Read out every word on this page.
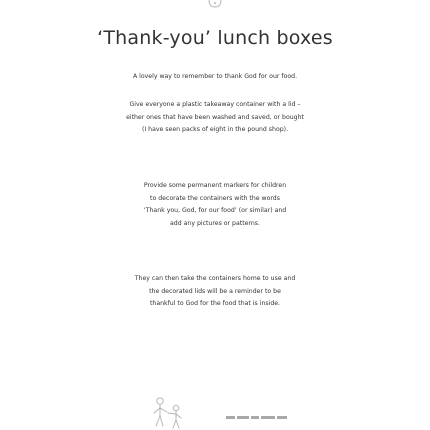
‘Thank-you’ lunch boxes
A lovely way to remember to thank God for our food.
Give everyone a plastic takeaway container with a lid –
either ones that have been washed and saved, or bought
(I have seen packs of eight in the pound shop).
Provide some permanent markers for children
to decorate the containers with the words
‘Thank you, God, for our food’ (or similar) and
add any pictures or patterns.
They can then take the containers home to use and
the decorated lids will be a reminder to be
thankful to God for the food that is inside.
